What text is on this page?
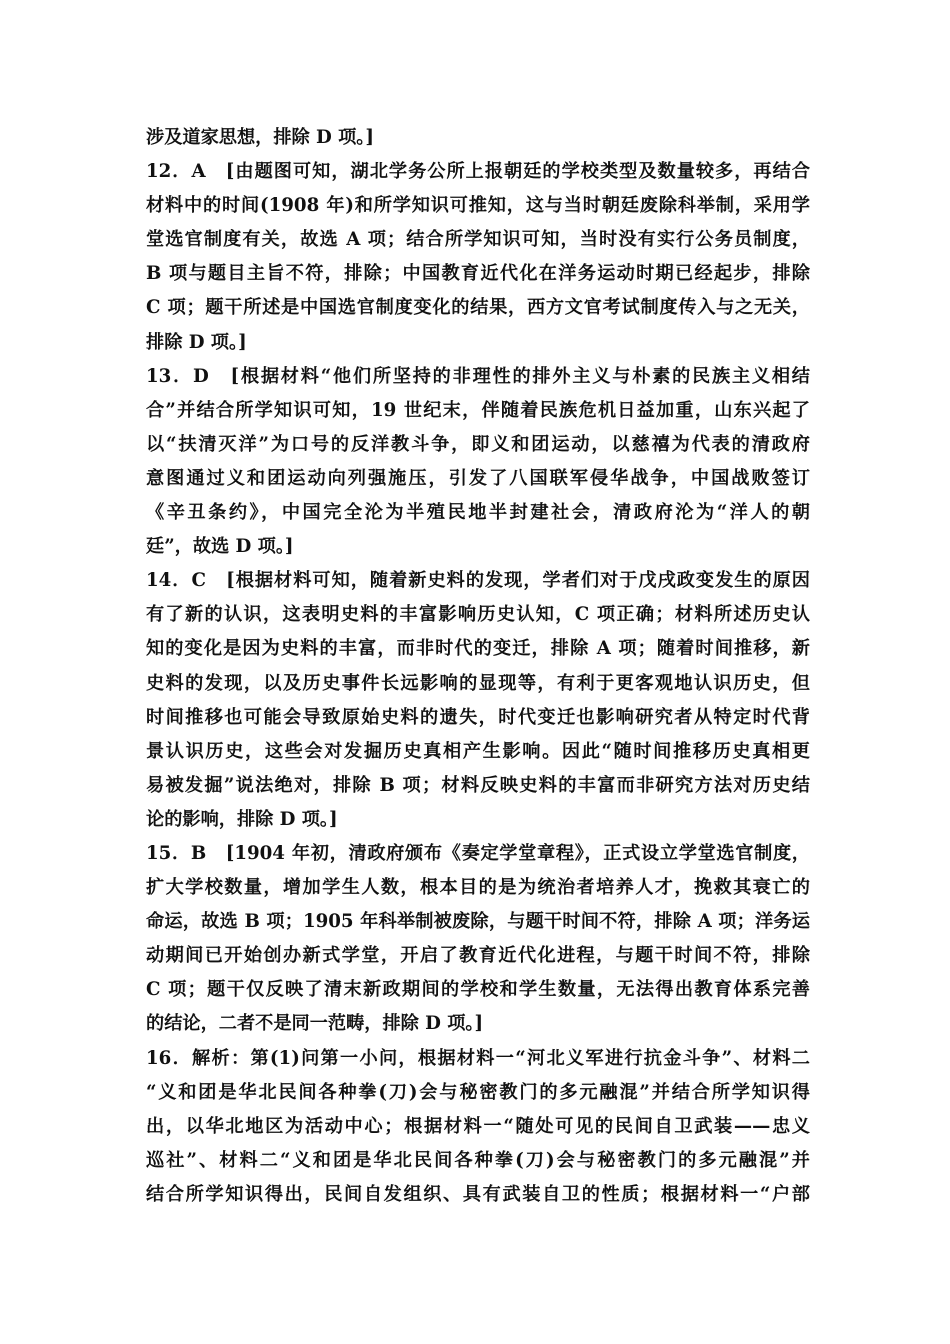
涉及道家思想，排除 D 项。]
12．A　[由题图可知，湖北学务公所上报朝廷的学校类型及数量较多，再结合
材料中的时间(1908 年)和所学知识可推知，这与当时朝廷废除科举制，采用学
堂选官制度有关，故选 A 项；结合所学知识可知，当时没有实行公务员制度，
B 项与题目主旨不符，排除；中国教育近代化在洋务运动时期已经起步，排除
C 项；题干所述是中国选官制度变化的结果，西方文官考试制度传入与之无关，
排除 D 项。]
13．D　[根据材料“他们所坚持的非理性的排外主义与朴素的民族主义相结
合”并结合所学知识可知，19 世纪末，伴随着民族危机日益加重，山东兴起了
以“扶清灭洋”为口号的反洋教斗争，即义和团运动，以慈禧为代表的清政府
意图通过义和团运动向列强施压，引发了八国联军侵华战争，中国战败签订
《辛丑条约》，中国完全沦为半殖民地半封建社会，清政府沦为“洋人的朝
廷”，故选 D 项。]
14．C　[根据材料可知，随着新史料的发现，学者们对于戊戌政变发生的原因
有了新的认识，这表明史料的丰富影响历史认知，C 项正确；材料所述历史认
知的变化是因为史料的丰富，而非时代的变迁，排除 A 项；随着时间推移，新
史料的发现，以及历史事件长远影响的显现等，有利于更客观地认识历史，但
时间推移也可能会导致原始史料的遗失，时代变迁也影响研究者从特定时代背
景认识历史，这些会对发掘历史真相产生影响。因此“随时间推移历史真相更
易被发掘”说法绝对，排除 B 项；材料反映史料的丰富而非研究方法对历史结
论的影响，排除 D 项。]
15．B　[1904 年初，清政府颁布《奏定学堂章程》，正式设立学堂选官制度，
扩大学校数量，增加学生人数，根本目的是为统治者培养人才，挽救其衰亡的
命运，故选 B 项；1905 年科举制被废除，与题干时间不符，排除 A 项；洋务运
动期间已开始创办新式学堂，开启了教育近代化进程，与题干时间不符，排除
C 项；题干仅反映了清末新政期间的学校和学生数量，无法得出教育体系完善
的结论，二者不是同一范畴，排除 D 项。]
16．解析：第(1)问第一小问，根据材料一“河北义军进行抗金斗争”、材料二
“义和团是华北民间各种拳(刀)会与秘密教门的多元融混”并结合所学知识得
出，以华北地区为活动中心；根据材料一“随处可见的民间自卫武装——忠义
巡社”、材料二“义和团是华北民间各种拳(刀)会与秘密教门的多元融混”并
结合所学知识得出，民间自发组织、具有武装自卫的性质；根据材料一“户部
